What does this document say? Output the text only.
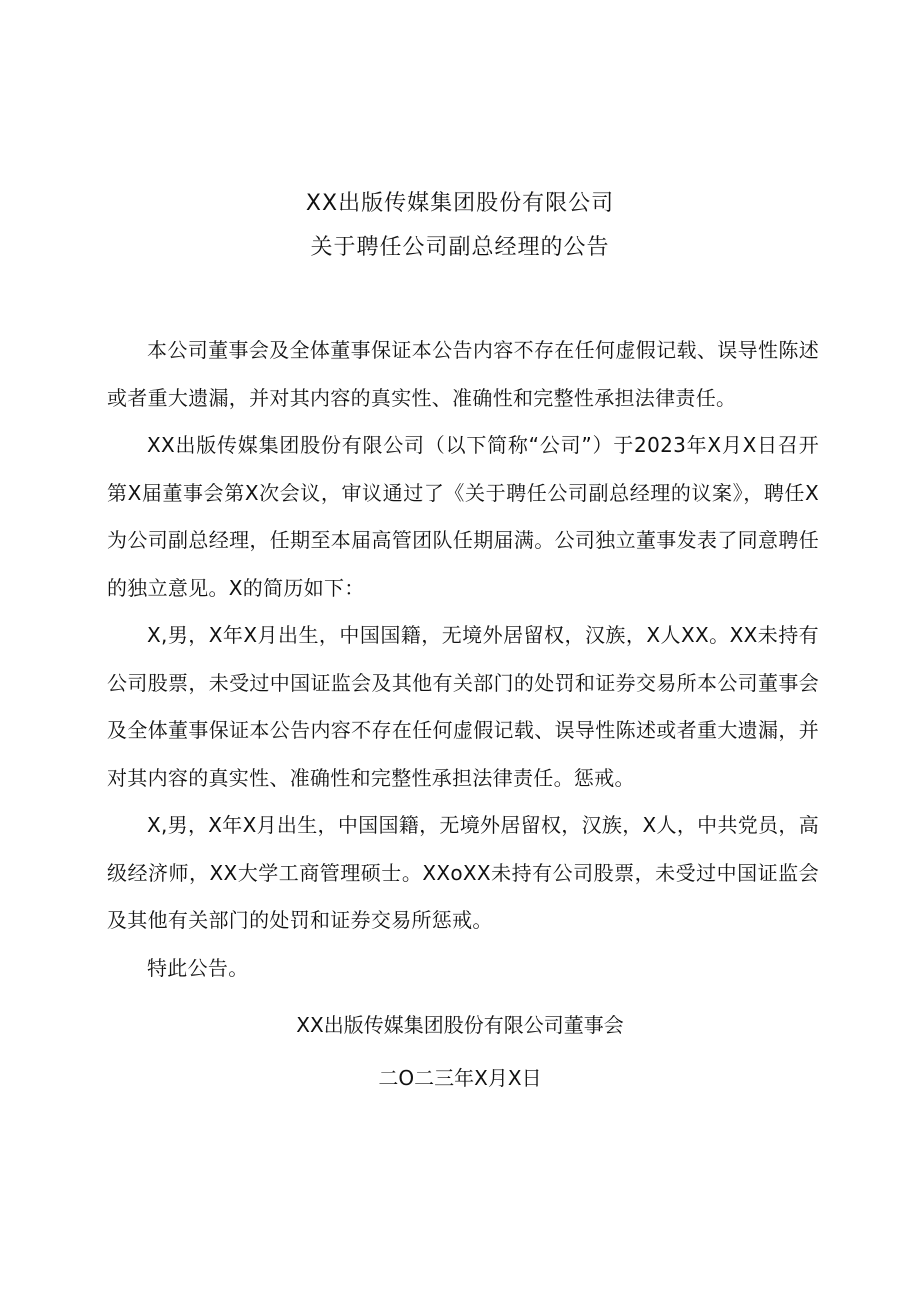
XX出版传媒集团股份有限公司
关于聘任公司副总经理的公告

本公司董事会及全体董事保证本公告内容不存在任何虚假记载、误导性陈述或者重大遗漏，并对其内容的真实性、准确性和完整性承担法律责任。

XX出版传媒集团股份有限公司（以下简称“公司”）于2023年X月X日召开第X届董事会第X次会议，审议通过了《关于聘任公司副总经理的议案》，聘任X为公司副总经理，任期至本届高管团队任期届满。公司独立董事发表了同意聘任的独立意见。X的简历如下：

X,男，X年X月出生，中国国籍，无境外居留权，汉族，X人XX。XX未持有公司股票，未受过中国证监会及其他有关部门的处罚和证券交易所本公司董事会及全体董事保证本公告内容不存在任何虚假记载、误导性陈述或者重大遗漏，并对其内容的真实性、准确性和完整性承担法律责任。惩戒。

X,男，X年X月出生，中国国籍，无境外居留权，汉族，X人，中共党员，高级经济师，XX大学工商管理硕士。XXoXX未持有公司股票，未受过中国证监会及其他有关部门的处罚和证券交易所惩戒。

特此公告。

XX出版传媒集团股份有限公司董事会
二O二三年X月X日
